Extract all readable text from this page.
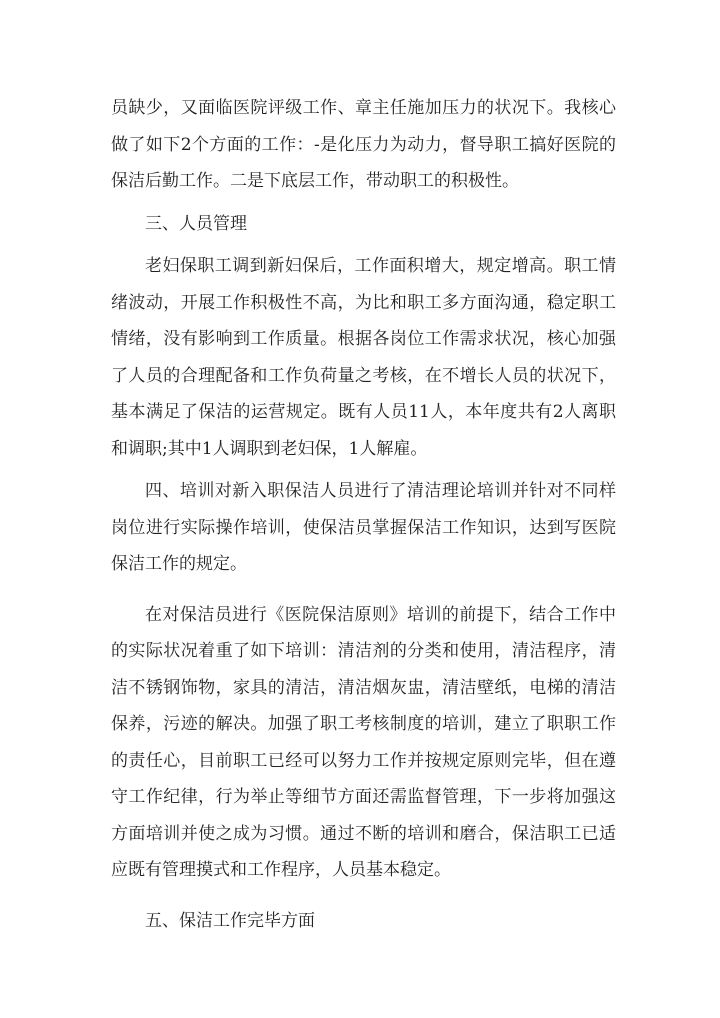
员缺少，又面临医院评级工作、章主任施加压力的状况下。我核心做了如下2个方面的工作：-是化压力为动力，督导职工搞好医院的保洁后勤工作。二是下底层工作，带动职工的积极性。

三、人员管理

老妇保职工调到新妇保后，工作面积增大，规定增高。职工情绪波动，开展工作积极性不高，为比和职工多方面沟通，稳定职工情绪，没有影响到工作质量。根据各岗位工作需求状况，核心加强了人员的合理配备和工作负荷量之考核，在不增长人员的状况下，基本满足了保洁的运营规定。既有人员11人，本年度共有2人离职和调职;其中1人调职到老妇保，1人解雇。

四、培训对新入职保洁人员进行了清洁理论培训并针对不同样岗位进行实际操作培训，使保洁员掌握保洁工作知识，达到写医院保洁工作的规定。

在对保洁员进行《医院保洁原则》培训的前提下，结合工作中的实际状况着重了如下培训：清洁剂的分类和使用，清洁程序，清洁不锈钢饰物，家具的清洁，清洁烟灰盅，清洁壁纸，电梯的清洁保养，污迹的解决。加强了职工考核制度的培训，建立了职职工作的责任心，目前职工已经可以努力工作并按规定原则完毕，但在遵守工作纪律，行为举止等细节方面还需监督管理，下一步将加强这方面培训并使之成为习惯。通过不断的培训和磨合，保洁职工已适应既有管理摸式和工作程序，人员基本稳定。

五、保洁工作完毕方面
